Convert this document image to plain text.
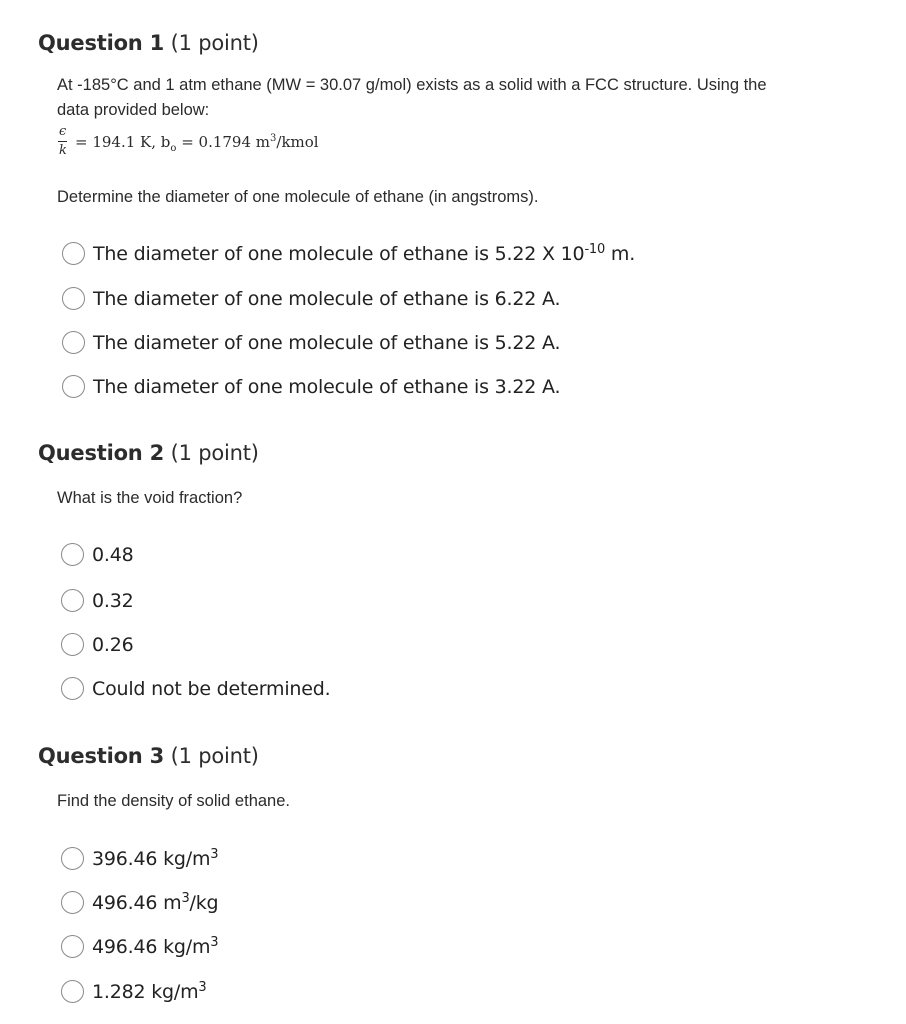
Question 1 (1 point)
At -185°C and 1 atm ethane (MW = 30.07 g/mol) exists as a solid with a FCC structure. Using the
data provided below:
ϵ
k = 194.1 K, $b_o = 0.1794$ $m^3$/kmol
Determine the diameter of one molecule of ethane (in angstroms).
The diameter of one molecule of ethane is 5.22 X $10^{-10}$ m.
The diameter of one molecule of ethane is 6.22 A.
The diameter of one molecule of ethane is 5.22 A.
The diameter of one molecule of ethane is 3.22 A.
Question 2 (1 point)
What is the void fraction?
0.48
0.32
0.26
Could not be determined.
Question 3 (1 point)
Find the density of solid ethane.
396.46 $kg/m^3$
496.46 $m^3/kg$
496.46 $kg/m^3$
1.282 $kg/m^3$
